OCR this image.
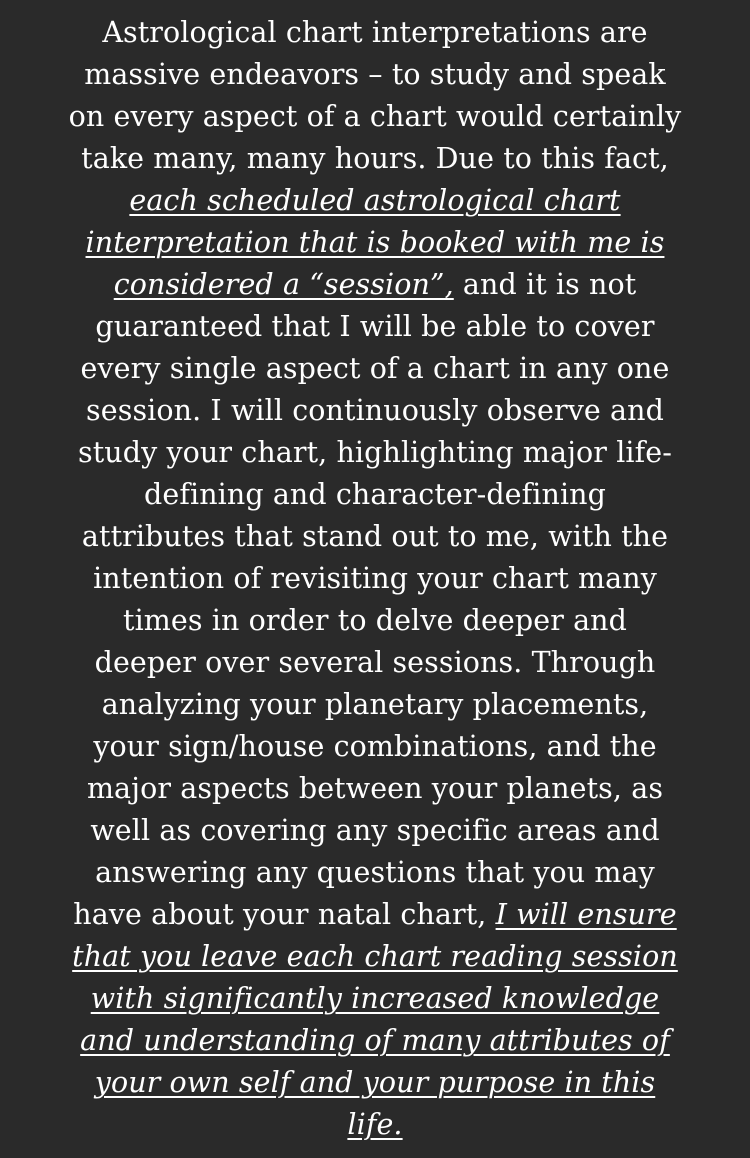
Astrological chart interpretations are
massive endeavors – to study and speak
on every aspect of a chart would certainly
take many, many hours. Due to this fact,
each scheduled astrological chart
interpretation that is booked with me is
considered a “session”, and it is not
guaranteed that I will be able to cover
every single aspect of a chart in any one
session. I will continuously observe and
study your chart, highlighting major life-
defining and character-defining
attributes that stand out to me, with the
intention of revisiting your chart many
times in order to delve deeper and
deeper over several sessions. Through
analyzing your planetary placements,
your sign/house combinations, and the
major aspects between your planets, as
well as covering any specific areas and
answering any questions that you may
have about your natal chart, I will ensure
that you leave each chart reading session
with significantly increased knowledge
and understanding of many attributes of
your own self and your purpose in this
life.
